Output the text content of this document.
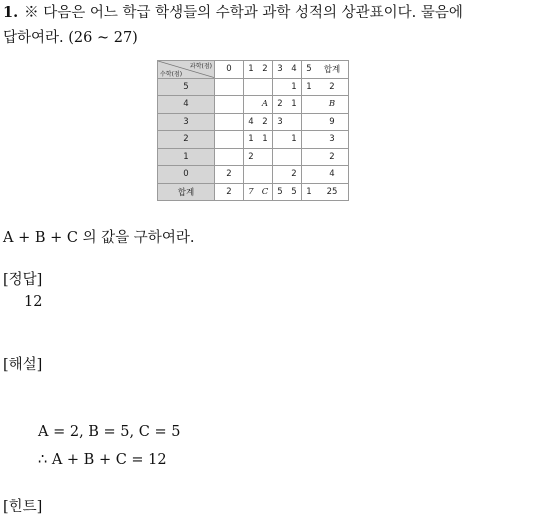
1. ※ 다음은 어느 학급 학생들의 수학과 과학 성적의 상관표이다. 물음에
답하여라. (26 ~ 27)
과학(점)
수학(점)	0	1	2	3	4	5	합계
5					1	1	2
4			A	2	1		B
3		4	2	3			9
2		1	1		1		3
1		2					2
0	2				2		4
합계	2	7	C	5	5	1	25
A + B + C 의 값을 구하여라.
[정답]
12
[해설]
A = 2, B = 5, C = 5
∴ A + B + C = 12
[힌트]
